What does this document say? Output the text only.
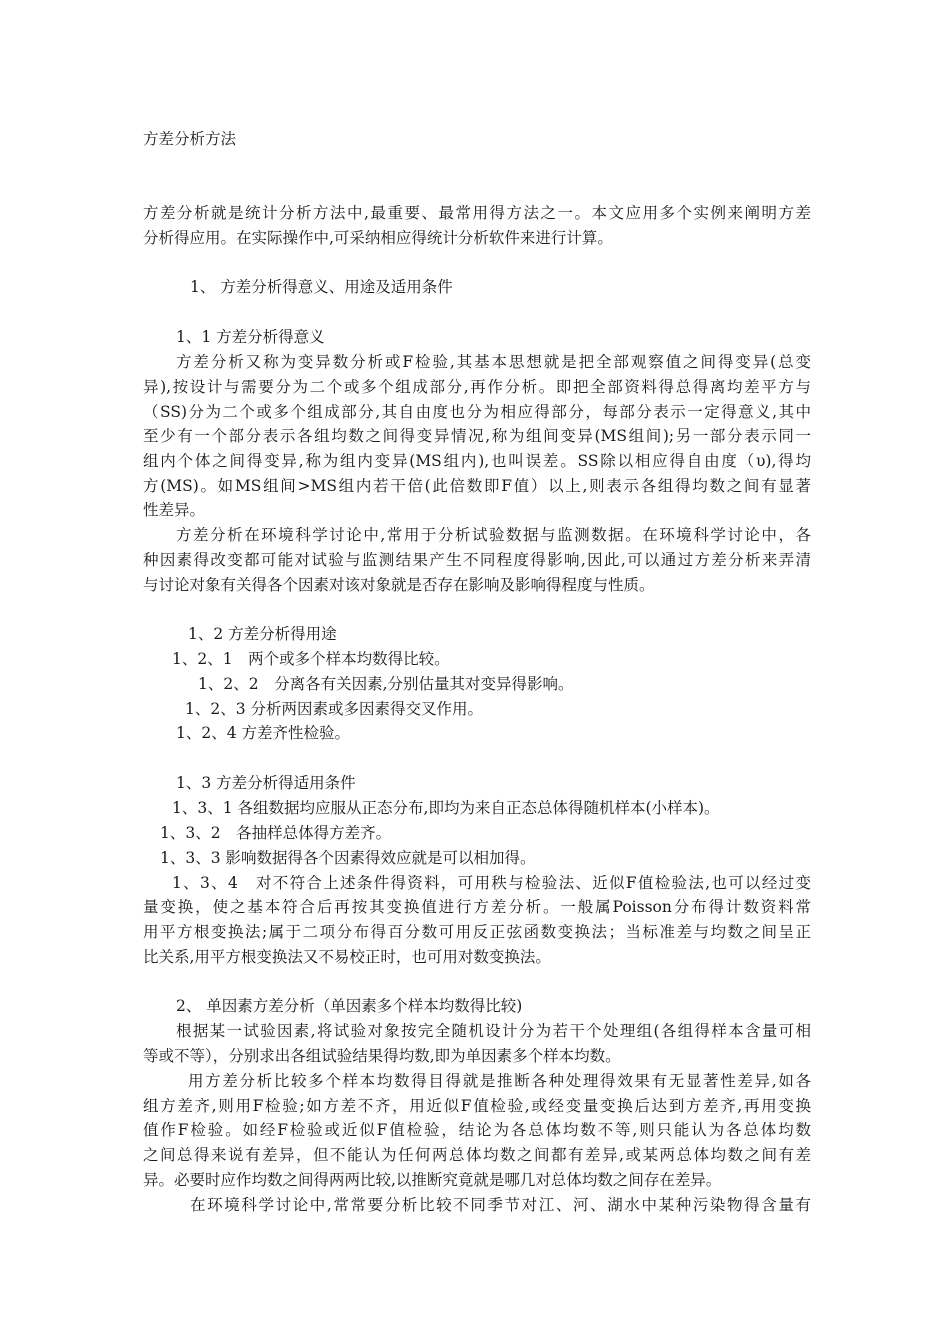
方差分析方法
方差分析就是统计分析方法中,最重要、最常用得方法之一。本文应用多个实例来阐明方差
分析得应用。在实际操作中,可采纳相应得统计分析软件来进行计算。
1、 方差分析得意义、用途及适用条件
1、1 方差分析得意义
方差分析又称为变异数分析或F检验,其基本思想就是把全部观察值之间得变异(总变
异),按设计与需要分为二个或多个组成部分,再作分析。即把全部资料得总得离均差平方与
（SS)分为二个或多个组成部分,其自由度也分为相应得部分，每部分表示一定得意义,其中
至少有一个部分表示各组均数之间得变异情况,称为组间变异(MS组间);另一部分表示同一
组内个体之间得变异,称为组内变异(MS组内),也叫误差。SS除以相应得自由度（υ),得均
方(MS)。如MS组间>MS组内若干倍(此倍数即F值）以上,则表示各组得均数之间有显著
性差异。
方差分析在环境科学讨论中,常用于分析试验数据与监测数据。在环境科学讨论中，各
种因素得改变都可能对试验与监测结果产生不同程度得影响,因此,可以通过方差分析来弄清
与讨论对象有关得各个因素对该对象就是否存在影响及影响得程度与性质。
1、2 方差分析得用途
1、2、1　两个或多个样本均数得比较。
1、2、2　分离各有关因素,分别估量其对变异得影响。
1、2、3 分析两因素或多因素得交叉作用。
1、2、4 方差齐性检验。
1、3 方差分析得适用条件
1、3、1 各组数据均应服从正态分布,即均为来自正态总体得随机样本(小样本)。
1、3、2　各抽样总体得方差齐。
1、3、3 影响数据得各个因素得效应就是可以相加得。
1、3、4　对不符合上述条件得资料，可用秩与检验法、近似F值检验法,也可以经过变
量变换，使之基本符合后再按其变换值进行方差分析。一般属Poisson分布得计数资料常
用平方根变换法;属于二项分布得百分数可用反正弦函数变换法；当标准差与均数之间呈正
比关系,用平方根变换法又不易校正时，也可用对数变换法。
2、 单因素方差分析（单因素多个样本均数得比较)
根据某一试验因素,将试验对象按完全随机设计分为若干个处理组(各组得样本含量可相
等或不等），分别求出各组试验结果得均数,即为单因素多个样本均数。
用方差分析比较多个样本均数得目得就是推断各种处理得效果有无显著性差异,如各
组方差齐,则用F检验;如方差不齐，用近似F值检验,或经变量变换后达到方差齐,再用变换
值作F检验。如经F检验或近似F值检验，结论为各总体均数不等,则只能认为各总体均数
之间总得来说有差异，但不能认为任何两总体均数之间都有差异,或某两总体均数之间有差
异。必要时应作均数之间得两两比较,以推断究竟就是哪几对总体均数之间存在差异。
在环境科学讨论中,常常要分析比较不同季节对江、河、湖水中某种污染物得含量有
